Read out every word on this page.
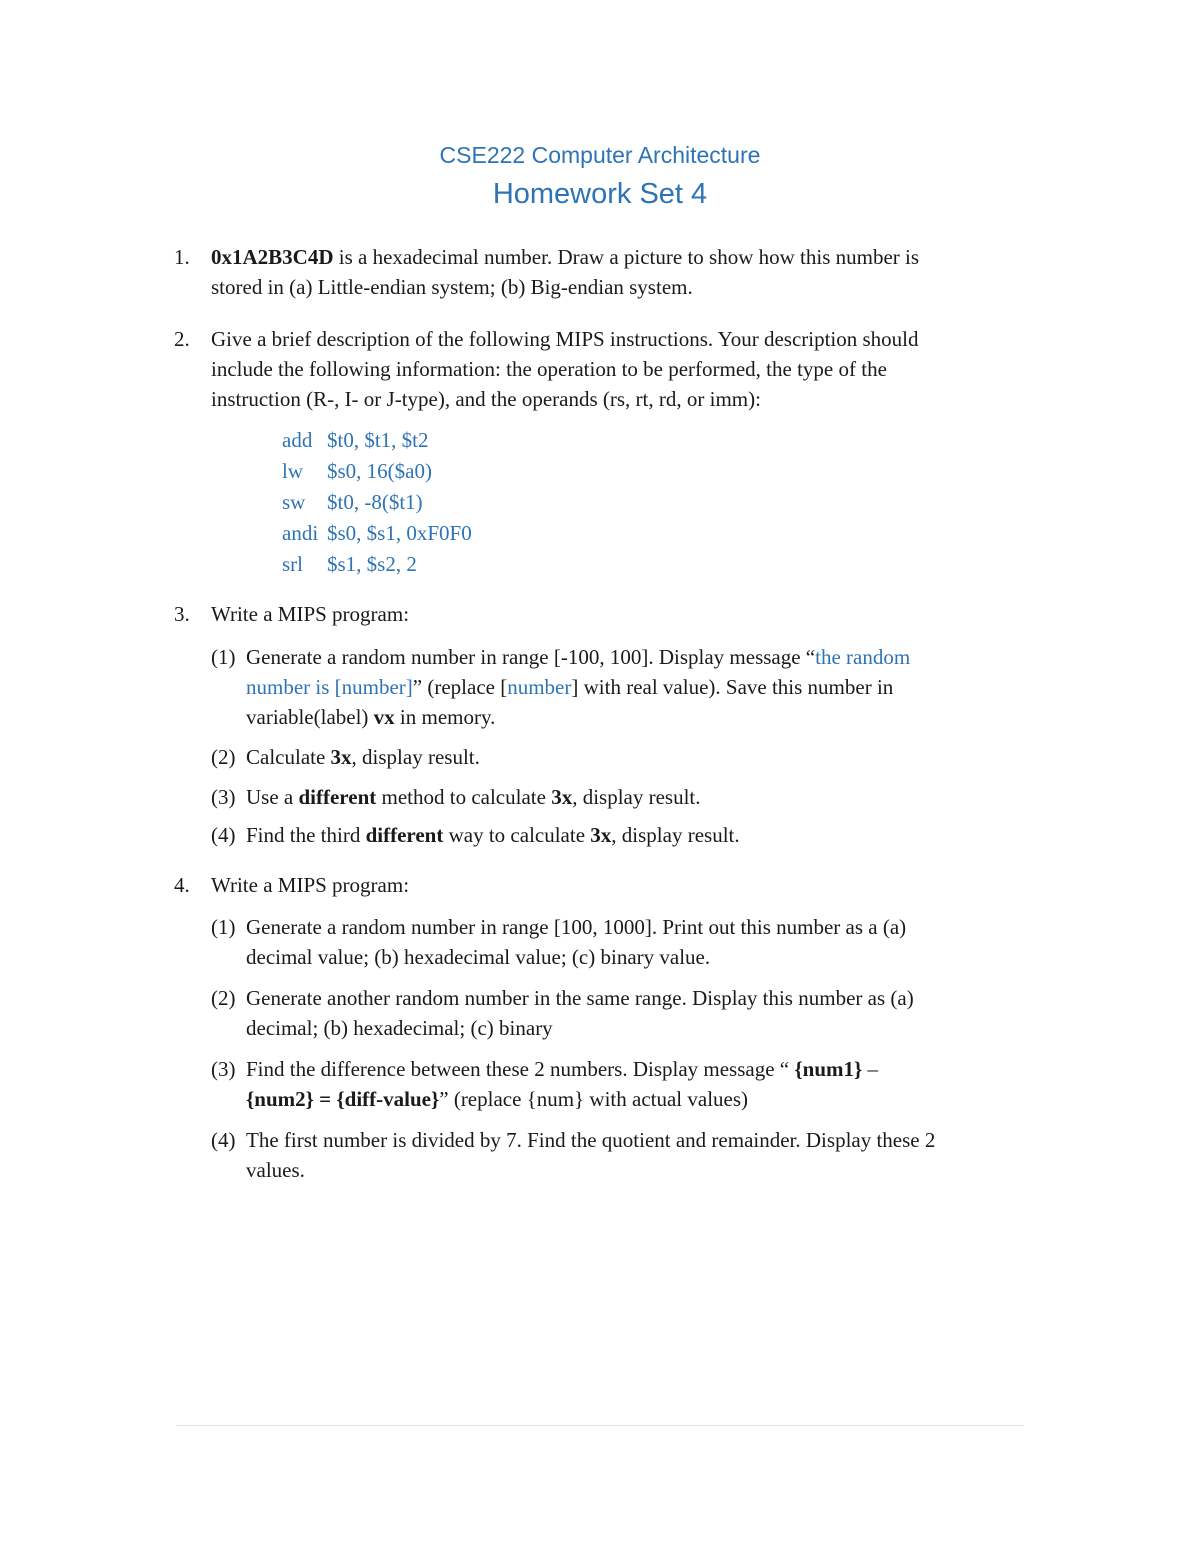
CSE222 Computer Architecture
Homework Set 4
1. 0x1A2B3C4D is a hexadecimal number. Draw a picture to show how this number is
stored in (a) Little-endian system; (b) Big-endian system.
2. Give a brief description of the following MIPS instructions. Your description should
include the following information: the operation to be performed, the type of the
instruction (R-, I- or J-type), and the operands (rs, rt, rd, or imm):
add $t0, $t1, $t2
lw $s0, 16($a0)
sw $t0, -8($t1)
andi $s0, $s1, 0xF0F0
srl $s1, $s2, 2
3. Write a MIPS program:
(1) Generate a random number in range [-100, 100]. Display message “the random
number is [number]” (replace [number] with real value). Save this number in
variable(label) vx in memory.
(2) Calculate 3x, display result.
(3) Use a different method to calculate 3x, display result.
(4) Find the third different way to calculate 3x, display result.
4. Write a MIPS program:
(1) Generate a random number in range [100, 1000]. Print out this number as a (a)
decimal value; (b) hexadecimal value; (c) binary value.
(2) Generate another random number in the same range. Display this number as (a)
decimal; (b) hexadecimal; (c) binary
(3) Find the difference between these 2 numbers. Display message “ {num1} –
{num2} = {diff-value}” (replace {num} with actual values)
(4) The first number is divided by 7. Find the quotient and remainder. Display these 2
values.
